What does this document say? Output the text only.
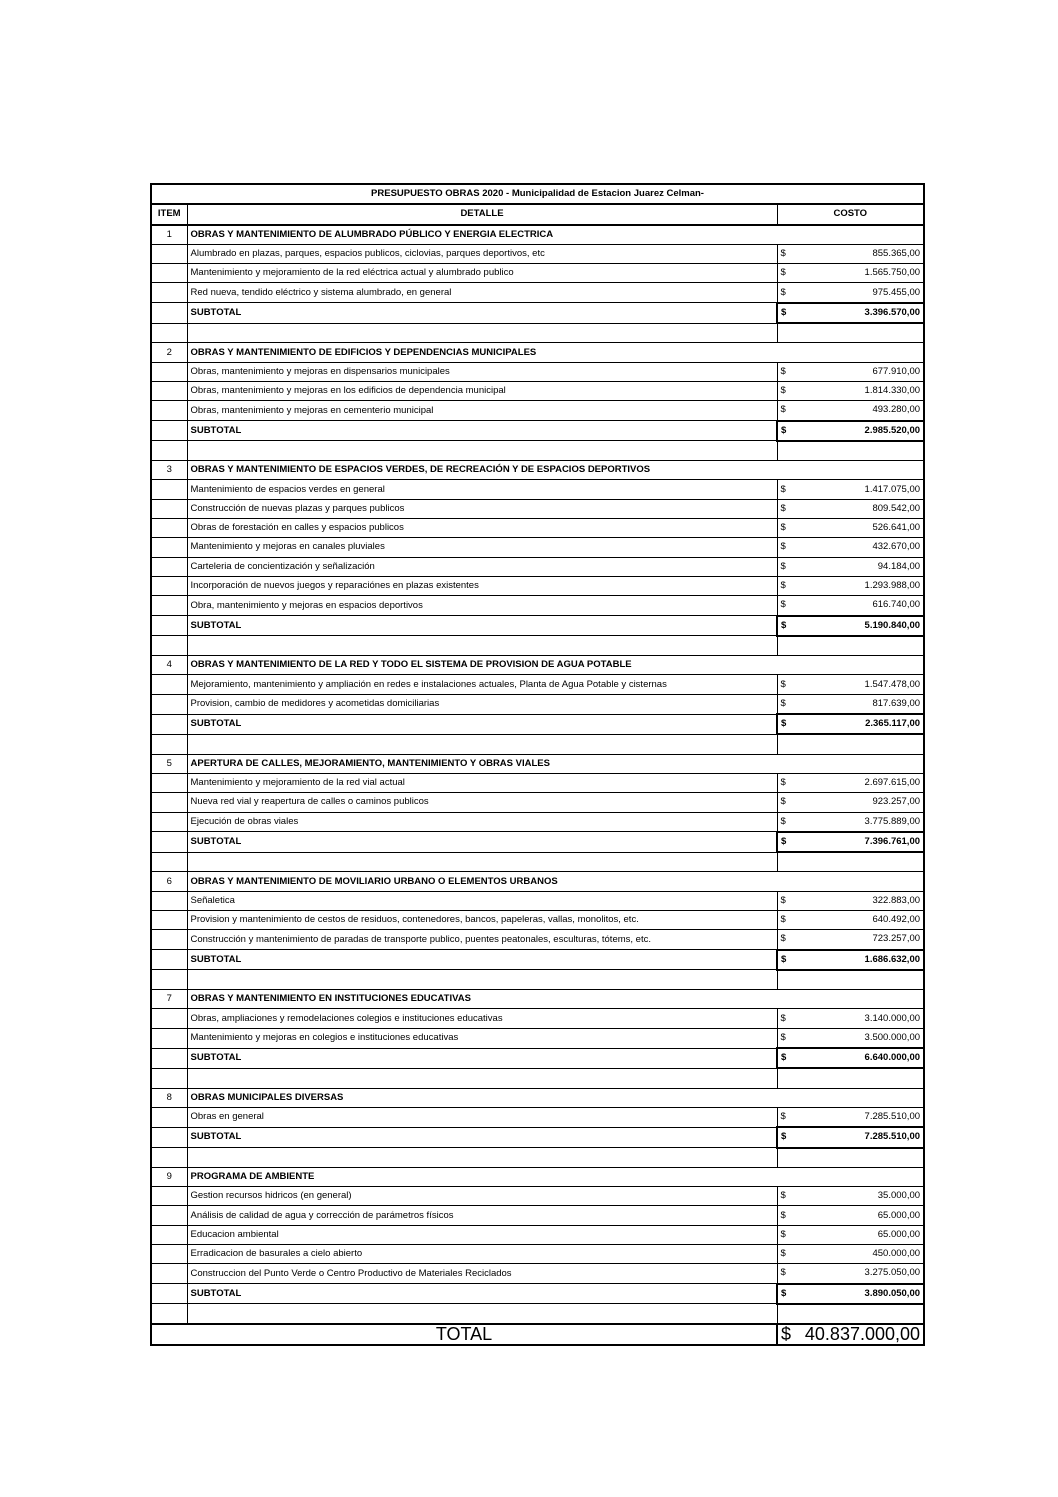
PRESUPUESTO OBRAS 2020 - Municipalidad de Estacion Juarez Celman-		
ITEM	DETALLE	COSTO
1	OBRAS Y MANTENIMIENTO DE ALUMBRADO PÚBLICO Y ENERGIA ELECTRICA	
	Alumbrado en plazas, parques, espacios publicos, ciclovias, parques deportivos, etc	$ 855.365,00

	Mantenimiento y mejoramiento de la red eléctrica actual y alumbrado publico	$ 1.565.750,00

	Red nueva, tendido eléctrico y sistema alumbrado, en general	$ 975.455,00

	SUBTOTAL	$ 3.396.570,00

2	OBRAS Y MANTENIMIENTO DE EDIFICIOS Y DEPENDENCIAS MUNICIPALES	
	Obras, mantenimiento y mejoras en dispensarios municipales	$ 677.910,00

	Obras, mantenimiento y mejoras en los edificios de dependencia municipal	$ 1.814.330,00

	Obras, mantenimiento y mejoras en cementerio municipal	$ 493.280,00

	SUBTOTAL	$ 2.985.520,00

3	OBRAS Y MANTENIMIENTO DE ESPACIOS VERDES, DE RECREACIÓN Y DE ESPACIOS DEPORTIVOS	
	Mantenimiento de espacios verdes en general	$ 1.417.075,00

	Construcción de nuevas plazas y parques publicos	$ 809.542,00

	Obras de forestación en calles y espacios publicos	$ 526.641,00

	Mantenimiento y mejoras en canales pluviales	$ 432.670,00

	Carteleria de concientización y señalización	$ 94.184,00

	Incorporación de nuevos juegos y reparaciónes en plazas existentes	$ 1.293.988,00

	Obra, mantenimiento y mejoras en espacios deportivos	$ 616.740,00

	SUBTOTAL	$ 5.190.840,00

4	OBRAS Y MANTENIMIENTO DE LA RED Y TODO EL SISTEMA DE PROVISION DE AGUA POTABLE	
	Mejoramiento, mantenimiento y ampliación en redes e instalaciones actuales, Planta de Agua Potable y cisternas	$ 1.547.478,00

	Provision, cambio de medidores y acometidas domiciliarias	$ 817.639,00

	SUBTOTAL	$ 2.365.117,00

5	APERTURA DE CALLES, MEJORAMIENTO, MANTENIMIENTO Y OBRAS VIALES	
	Mantenimiento y mejoramiento de la red vial actual	$ 2.697.615,00

	Nueva red vial y reapertura de calles o caminos publicos	$ 923.257,00

	Ejecución de obras viales	$ 3.775.889,00

	SUBTOTAL	$ 7.396.761,00

6	OBRAS Y MANTENIMIENTO DE MOVILIARIO URBANO O ELEMENTOS URBANOS	
	Señaletica	$ 322.883,00

	Provision y mantenimiento de cestos de residuos, contenedores, bancos, papeleras, vallas, monolitos, etc.	$ 640.492,00

	Construcción y mantenimiento de paradas de transporte publico, puentes peatonales, esculturas, tótems, etc.	$ 723.257,00

	SUBTOTAL	$ 1.686.632,00

7	OBRAS Y MANTENIMIENTO EN INSTITUCIONES EDUCATIVAS	
	Obras, ampliaciones y remodelaciones colegios e instituciones educativas	$ 3.140.000,00

	Mantenimiento y mejoras en colegios e instituciones educativas	$ 3.500.000,00

	SUBTOTAL	$ 6.640.000,00

8	OBRAS MUNICIPALES DIVERSAS	
	Obras en general	$ 7.285.510,00

	SUBTOTAL	$ 7.285.510,00

9	PROGRAMA DE AMBIENTE	
	Gestion recursos hidricos (en general)	$ 35.000,00

	Análisis de calidad de agua y corrección de parámetros físicos	$ 65.000,00

	Educacion ambiental	$ 65.000,00

	Erradicacion de basurales a cielo abierto	$ 450.000,00

	Construccion del Punto Verde o Centro Productivo de Materiales Reciclados	$ 3.275.050,00

	SUBTOTAL	$ 3.890.050,00

TOTAL		$ 40.837.000,00
